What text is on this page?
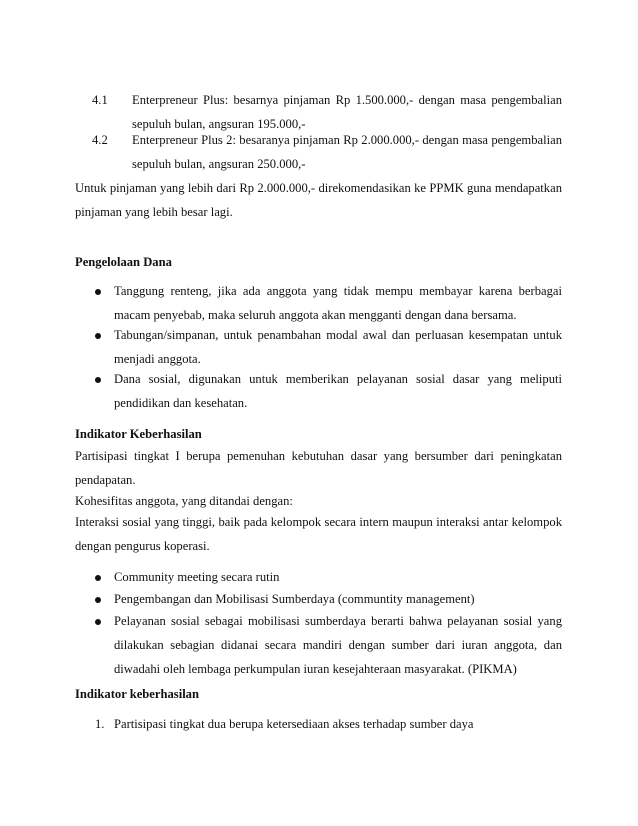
4.1 Enterpreneur Plus: besarnya pinjaman Rp 1.500.000,- dengan masa pengembalian
sepuluh bulan, angsuran 195.000,-
4.2 Enterpreneur Plus 2: besaranya pinjaman Rp 2.000.000,- dengan masa pengembalian
sepuluh bulan, angsuran 250.000,-
Untuk pinjaman yang lebih dari Rp 2.000.000,- direkomendasikan ke PPMK guna mendapatkan
pinjaman yang lebih besar lagi.
Pengelolaan Dana
Tanggung renteng, jika ada anggota yang tidak mempu membayar karena berbagai
macam penyebab, maka seluruh anggota akan mengganti dengan dana bersama.
Tabungan/simpanan, untuk penambahan modal awal dan perluasan kesempatan untuk
menjadi anggota.
Dana sosial, digunakan untuk memberikan pelayanan sosial dasar yang meliputi
pendidikan dan kesehatan.
Indikator Keberhasilan
Partisipasi tingkat I berupa pemenuhan kebutuhan dasar yang bersumber dari peningkatan
pendapatan.
Kohesifitas anggota, yang ditandai dengan:
Interaksi sosial yang tinggi, baik pada kelompok secara intern maupun interaksi antar kelompok
dengan pengurus koperasi.
Community meeting secara rutin
Pengembangan dan Mobilisasi Sumberdaya (communtity management)
Pelayanan sosial sebagai mobilisasi sumberdaya berarti bahwa pelayanan sosial yang
dilakukan sebagian didanai secara mandiri dengan sumber dari iuran anggota, dan
diwadahi oleh lembaga perkumpulan iuran kesejahteraan masyarakat. (PIKMA)
Indikator keberhasilan
1. Partisipasi tingkat dua berupa ketersediaan akses terhadap sumber daya
